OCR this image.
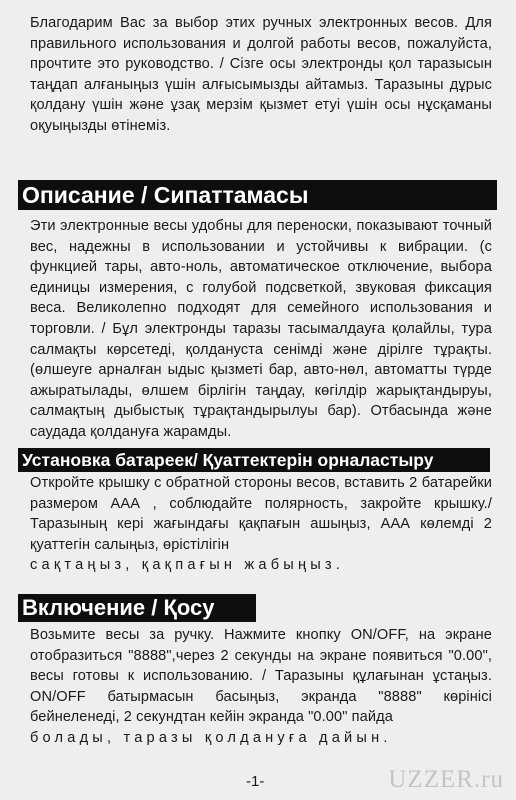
Благодарим Вас за выбор этих ручных электронных весов. Для правильного использования и долгой работы весов, пожалуйста, прочтите это руководство. / Сізге осы электронды қол таразысын таңдап алғаныңыз үшін алғысымызды айтамыз. Таразыны дұрыс қолдану үшін және ұзақ мерзім қызмет етуі үшін осы нұсқаманы оқуыңызды өтінеміз.

Описание / Сипаттамасы

Эти электронные весы удобны для переноски, показывают точный вес, надежны в использовании и устойчивы к вибрации. (с функцией тары, авто-ноль, автоматическое отключение, выбора единицы измерения, с голубой подсветкой, звуковая фиксация веса. Великолепно подходят для семейного использования и торговли. / Бұл электронды таразы тасымалдауға қолайлы, тура салмақты көрсетеді, қолдануста сенімді және дірілге тұрақты. (өлшеуге арналған ыдыс қызметі бар, авто-нөл, автоматты түрде ажыратылады, өлшем бірлігін таңдау, көгілдір жарықтандыруы, салмақтың дыбыстық тұрақтандырылуы бар). Отбасында және саудада қолдануға жарамды.

Установка батареек/ Қуаттектерін орналастыру
Откройте крышку с обратной стороны весов, вставить 2 батарейки размером ААА , соблюдайте полярность, закройте крышку./ Таразының кері жағындағы қақпағын ашыңыз, ААА көлемді 2 қуаттегін салыңыз, өрістілігін
сақтаңыз, қақпағын жабыңыз.
Включение / Қосу
Возьмите весы за ручку. Нажмите кнопку ON/OFF, на экране отобразиться "8888",через 2 секунды на экране появиться "0.00", весы готовы к использованию. / Таразыны құлағынан ұстаңыз. ON/OFF батырмасын басыңыз, экранда "8888" көрінісі бейнеленеді, 2 секундтан кейін экранда "0.00" пайда
болады, таразы қолдануға дайын.
-1-	UZZER.ru
